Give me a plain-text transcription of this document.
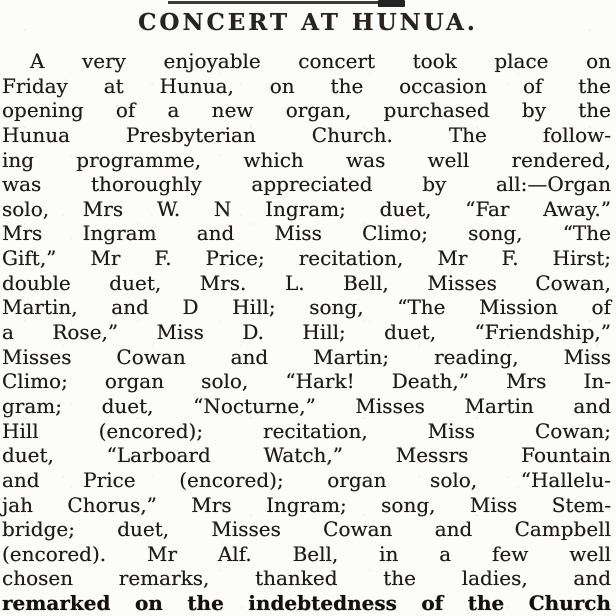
CONCERT AT HUNUA.
A very enjoyable concert took place on
Friday at Hunua, on the occasion of the
opening of a new organ, purchased by the
Hunua Presbyterian Church. The follow-
ing programme, which was well rendered,
was thoroughly appreciated by all:—Organ
solo, Mrs W. N Ingram; duet, “Far Away.”
Mrs Ingram and Miss Climo; song, “The
Gift,” Mr F. Price; recitation, Mr F. Hirst;
double duet, Mrs. L. Bell, Misses Cowan,
Martin, and D Hill; song, “The Mission of
a Rose,” Miss D. Hill; duet, “Friendship,”
Misses Cowan and Martin; reading, Miss
Climo; organ solo, “Hark! Death,” Mrs In-
gram; duet, “Nocturne,” Misses Martin and
Hill (encored); recitation, Miss Cowan;
duet, “Larboard Watch,” Messrs Fountain
and Price (encored); organ solo, “Hallelu-
jah Chorus,” Mrs Ingram; song, Miss Stem-
bridge; duet, Misses Cowan and Campbell
(encored). Mr Alf. Bell, in a few well
chosen remarks, thanked the ladies, and
remarked on the indebtedness of the Church
